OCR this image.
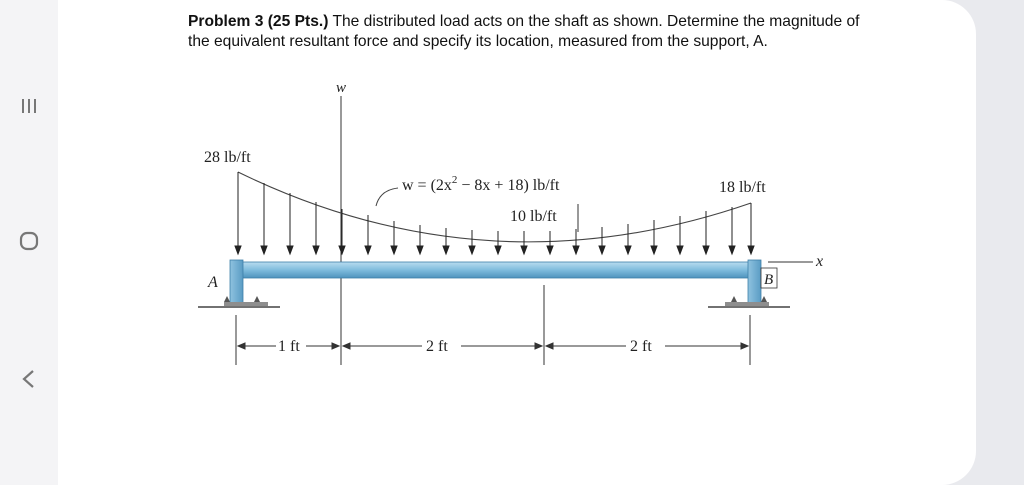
Problem 3 (25 Pts.) The distributed load acts on the shaft as shown. Determine the magnitude of the equivalent resultant force and specify its location, measured from the support, A.

w
28 lb/ft
$w = (2x^2 - 8x + 18)$ lb/ft
10 lb/ft
18 lb/ft
x
A	B
1 ft	2 ft	2 ft
